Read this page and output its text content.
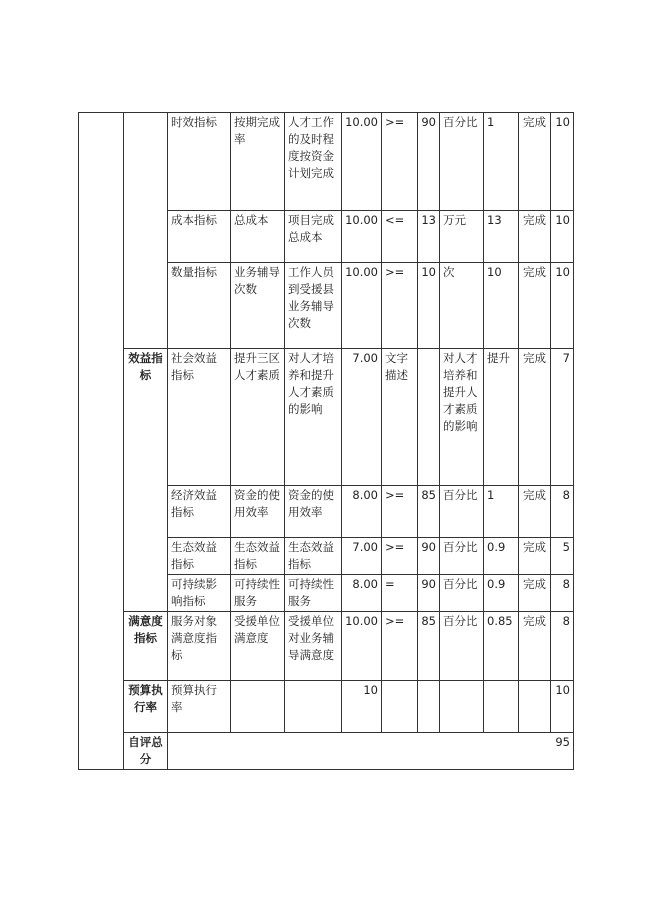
		时效指标	按期完成率	人才工作的及时程度按资金计划完成	10.00	>=	90	百分比	1	完成	10
		成本指标	总成本	项目完成总成本	10.00	<=	13	万元	13	完成	10
		数量指标	业务辅导次数	工作人员到受援县业务辅导次数	10.00	>=	10	次	10	完成	10
	效益指标	社会效益指标	提升三区人才素质	对人才培养和提升人才素质的影响	7.00	文字描述		对人才培养和提升人才素质的影响	提升	完成	7
		经济效益指标	资金的使用效率	资金的使用效率	8.00	>=	85	百分比	1	完成	8
		生态效益指标	生态效益指标	生态效益指标	7.00	>=	90	百分比	0.9	完成	5
		可持续影响指标	可持续性服务	可持续性服务	8.00	=	90	百分比	0.9	完成	8
	满意度指标	服务对象满意度指标	受援单位满意度	受援单位对业务辅导满意度	10.00	>=	85	百分比	0.85	完成	8
	预算执行率	预算执行率			10						10
	自评总分	95									
